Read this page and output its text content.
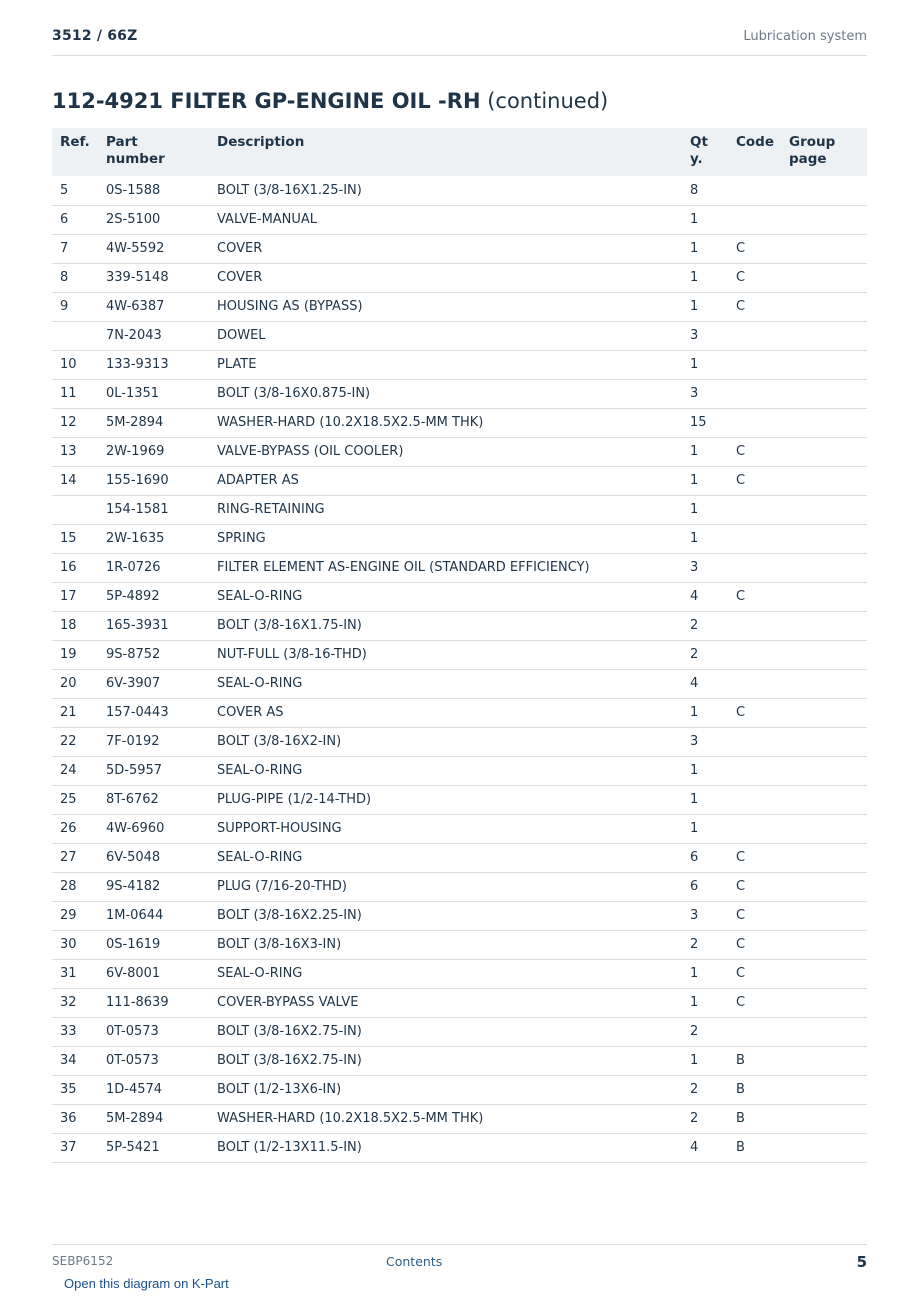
3512 / 66Z	Lubrication system
112-4921 FILTER GP-ENGINE OIL -RH (continued)
Ref.	Part number	Description	Qty.	Code	Group page
5	0S-1588	BOLT (3/8-16X1.25-IN)	8		
6	2S-5100	VALVE-MANUAL	1		
7	4W-5592	COVER	1	C	
8	339-5148	COVER	1	C	
9	4W-6387	HOUSING AS (BYPASS)	1	C	
	7N-2043	DOWEL	3		
10	133-9313	PLATE	1		
11	0L-1351	BOLT (3/8-16X0.875-IN)	3		
12	5M-2894	WASHER-HARD (10.2X18.5X2.5-MM THK)	15		
13	2W-1969	VALVE-BYPASS (OIL COOLER)	1	C	
14	155-1690	ADAPTER AS	1	C	
	154-1581	RING-RETAINING	1		
15	2W-1635	SPRING	1		
16	1R-0726	FILTER ELEMENT AS-ENGINE OIL (STANDARD EFFICIENCY)	3		
17	5P-4892	SEAL-O-RING	4	C	
18	165-3931	BOLT (3/8-16X1.75-IN)	2		
19	9S-8752	NUT-FULL (3/8-16-THD)	2		
20	6V-3907	SEAL-O-RING	4		
21	157-0443	COVER AS	1	C	
22	7F-0192	BOLT (3/8-16X2-IN)	3		
24	5D-5957	SEAL-O-RING	1		
25	8T-6762	PLUG-PIPE (1/2-14-THD)	1		
26	4W-6960	SUPPORT-HOUSING	1		
27	6V-5048	SEAL-O-RING	6	C	
28	9S-4182	PLUG (7/16-20-THD)	6	C	
29	1M-0644	BOLT (3/8-16X2.25-IN)	3	C	
30	0S-1619	BOLT (3/8-16X3-IN)	2	C	
31	6V-8001	SEAL-O-RING	1	C	
32	111-8639	COVER-BYPASS VALVE	1	C	
33	0T-0573	BOLT (3/8-16X2.75-IN)	2		
34	0T-0573	BOLT (3/8-16X2.75-IN)	1	B	
35	1D-4574	BOLT (1/2-13X6-IN)	2	B	
36	5M-2894	WASHER-HARD (10.2X18.5X2.5-MM THK)	2	B	
37	5P-5421	BOLT (1/2-13X11.5-IN)	4	B	
SEBP6152	Contents	5
Open this diagram on K-Part
